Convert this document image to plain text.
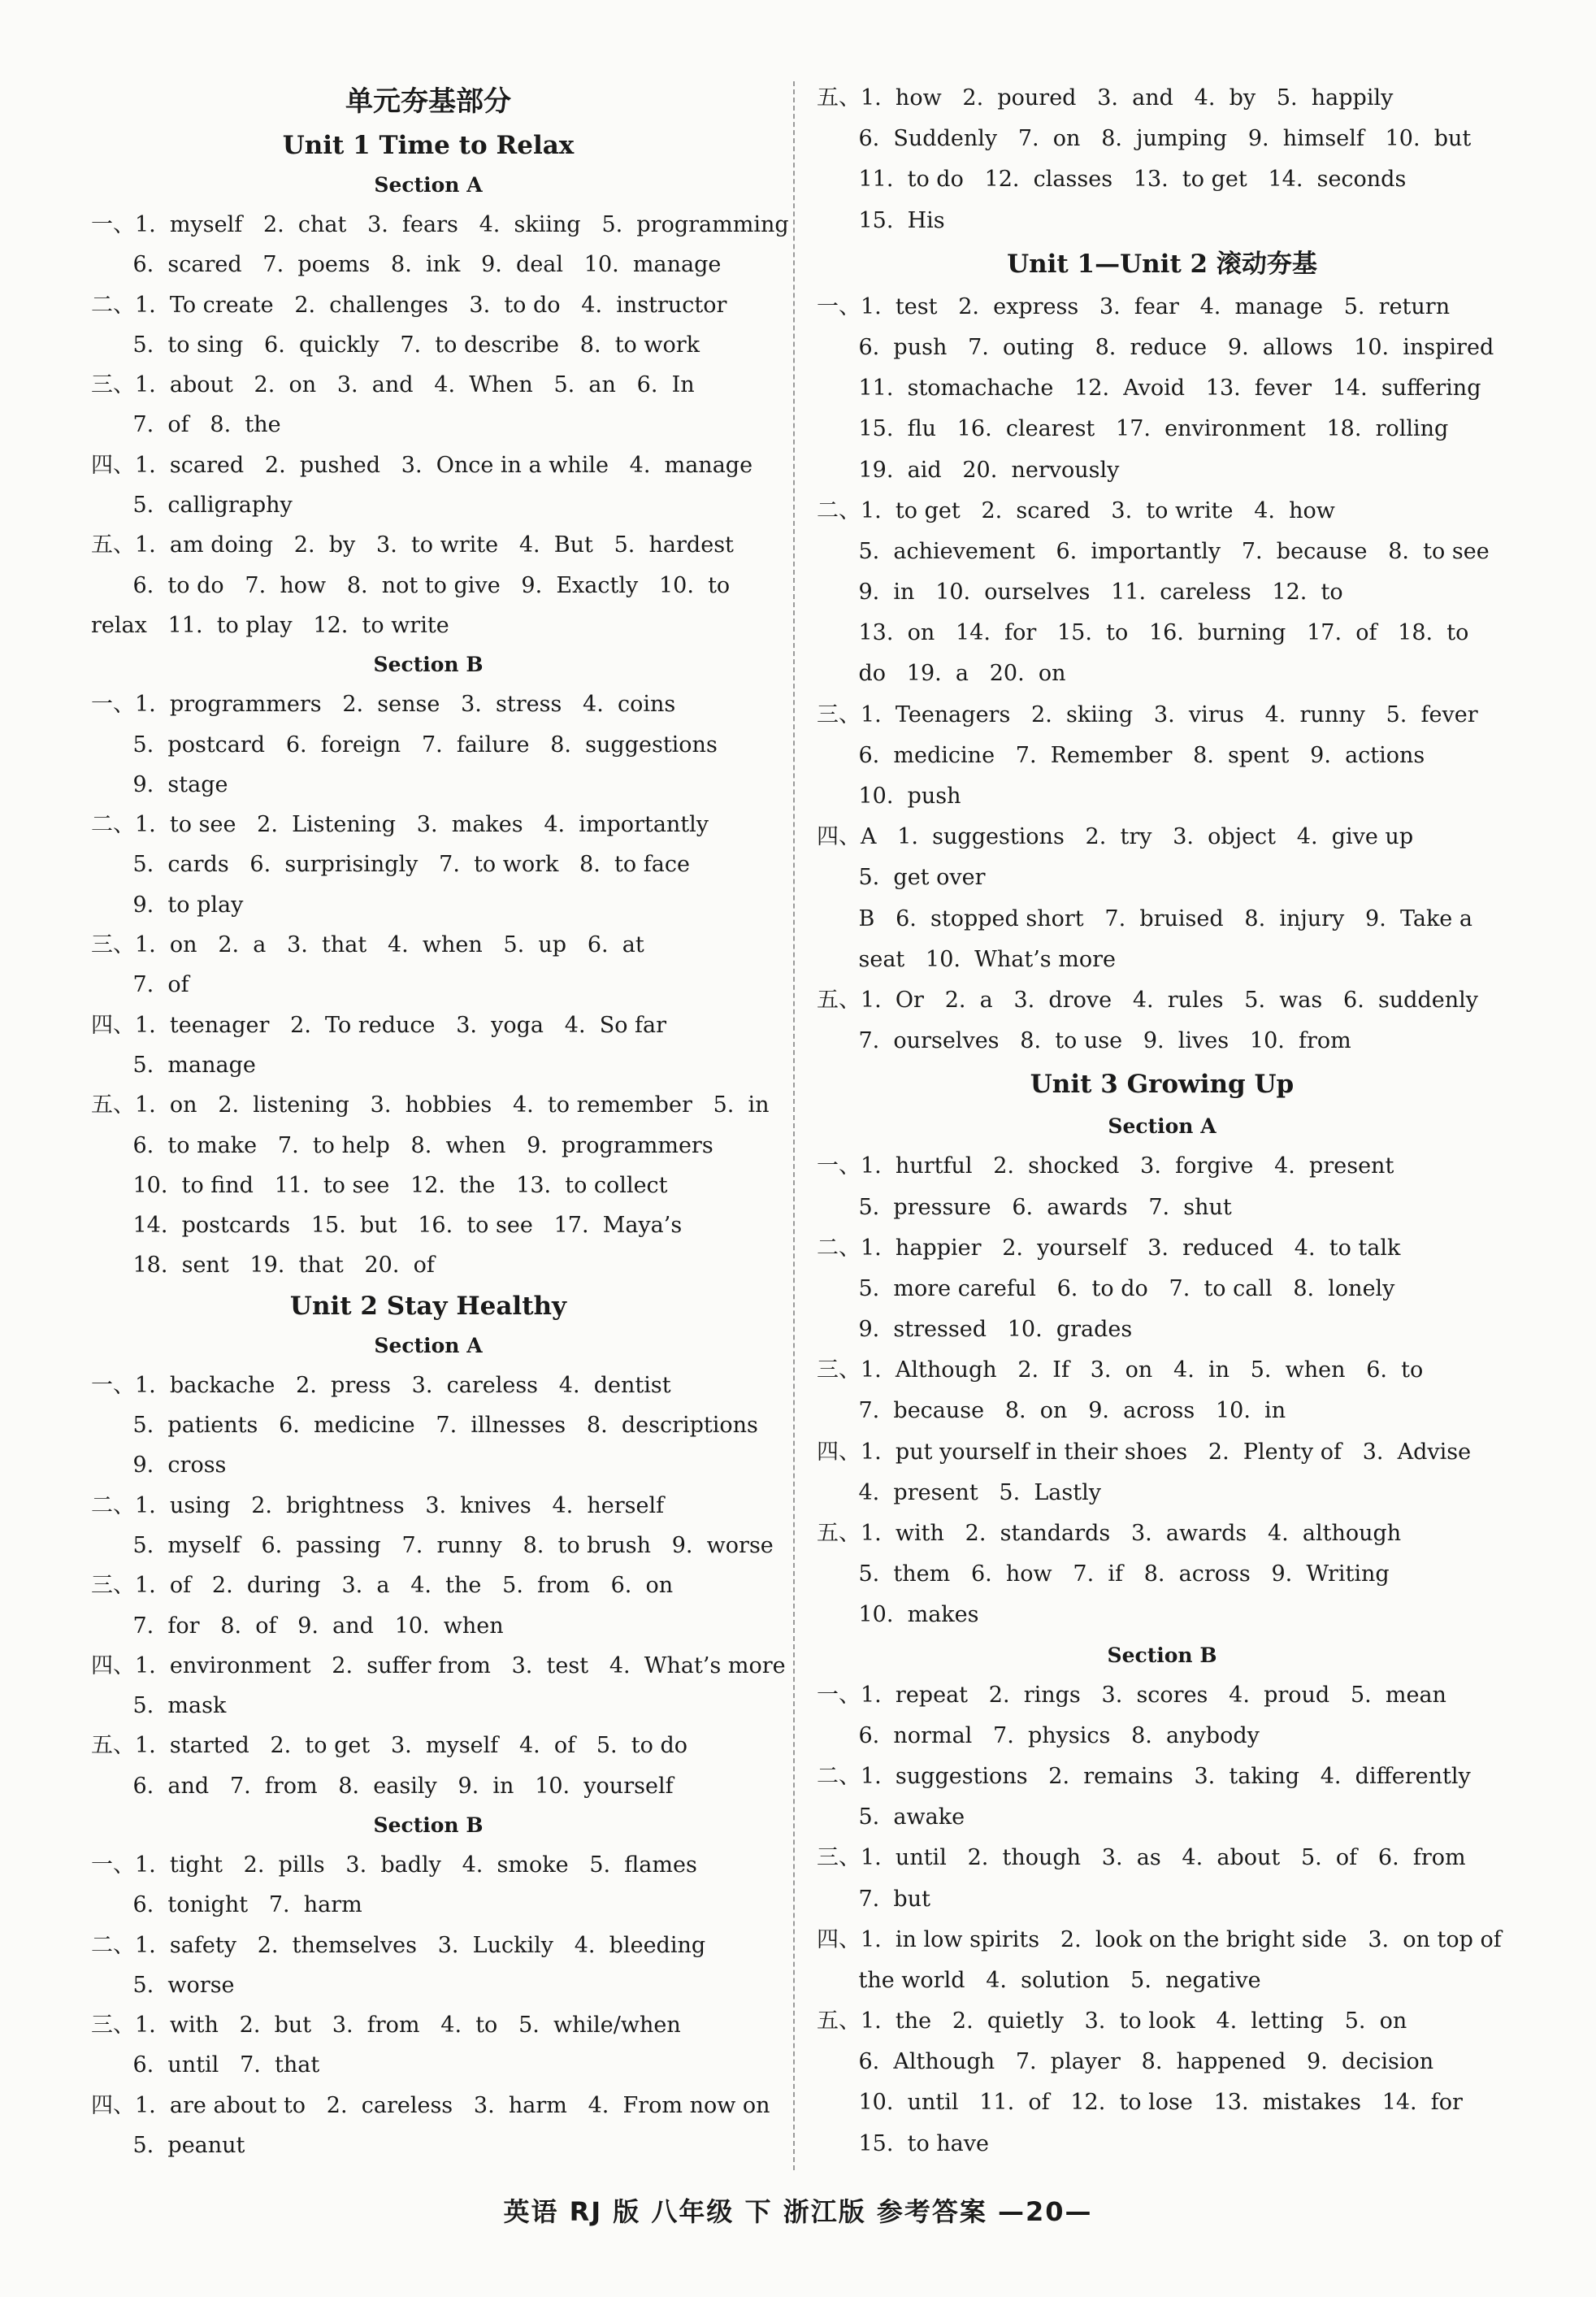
单元夯基部分
Unit 1 Time to Relax
Section A
一、1.  myself   2.  chat   3.  fears   4.  skiing   5.  programming
6.  scared   7.  poems   8.  ink   9.  deal   10.  manage
二、1.  To create   2.  challenges   3.  to do   4.  instructor
5.  to sing   6.  quickly   7.  to describe   8.  to work
三、1.  about   2.  on   3.  and   4.  When   5.  an   6.  In
7.  of   8.  the
四、1.  scared   2.  pushed   3.  Once in a while   4.  manage
5.  calligraphy
五、1.  am doing   2.  by   3.  to write   4.  But   5.  hardest
6.  to do   7.  how   8.  not to give   9.  Exactly   10.  to
relax   11.  to play   12.  to write
Section B
一、1.  programmers   2.  sense   3.  stress   4.  coins
5.  postcard   6.  foreign   7.  failure   8.  suggestions
9.  stage
二、1.  to see   2.  Listening   3.  makes   4.  importantly
5.  cards   6.  surprisingly   7.  to work   8.  to face
9.  to play
三、1.  on   2.  a   3.  that   4.  when   5.  up   6.  at
7.  of
四、1.  teenager   2.  To reduce   3.  yoga   4.  So far
5.  manage
五、1.  on   2.  listening   3.  hobbies   4.  to remember   5.  in
6.  to make   7.  to help   8.  when   9.  programmers
10.  to find   11.  to see   12.  the   13.  to collect
14.  postcards   15.  but   16.  to see   17.  Maya’s
18.  sent   19.  that   20.  of
Unit 2 Stay Healthy
Section A
一、1.  backache   2.  press   3.  careless   4.  dentist
5.  patients   6.  medicine   7.  illnesses   8.  descriptions
9.  cross
二、1.  using   2.  brightness   3.  knives   4.  herself
5.  myself   6.  passing   7.  runny   8.  to brush   9.  worse
三、1.  of   2.  during   3.  a   4.  the   5.  from   6.  on
7.  for   8.  of   9.  and   10.  when
四、1.  environment   2.  suffer from   3.  test   4.  What’s more
5.  mask
五、1.  started   2.  to get   3.  myself   4.  of   5.  to do
6.  and   7.  from   8.  easily   9.  in   10.  yourself
Section B
一、1.  tight   2.  pills   3.  badly   4.  smoke   5.  flames
6.  tonight   7.  harm
二、1.  safety   2.  themselves   3.  Luckily   4.  bleeding
5.  worse
三、1.  with   2.  but   3.  from   4.  to   5.  while/when
6.  until   7.  that
四、1.  are about to   2.  careless   3.  harm   4.  From now on
5.  peanut
五、1.  how   2.  poured   3.  and   4.  by   5.  happily
6.  Suddenly   7.  on   8.  jumping   9.  himself   10.  but
11.  to do   12.  classes   13.  to get   14.  seconds
15.  His
Unit 1—Unit 2 滚动夯基
一、1.  test   2.  express   3.  fear   4.  manage   5.  return
6.  push   7.  outing   8.  reduce   9.  allows   10.  inspired
11.  stomachache   12.  Avoid   13.  fever   14.  suffering
15.  flu   16.  clearest   17.  environment   18.  rolling
19.  aid   20.  nervously
二、1.  to get   2.  scared   3.  to write   4.  how
5.  achievement   6.  importantly   7.  because   8.  to see
9.  in   10.  ourselves   11.  careless   12.  to
13.  on   14.  for   15.  to   16.  burning   17.  of   18.  to
do   19.  a   20.  on
三、1.  Teenagers   2.  skiing   3.  virus   4.  runny   5.  fever
6.  medicine   7.  Remember   8.  spent   9.  actions
10.  push
四、A   1.  suggestions   2.  try   3.  object   4.  give up
5.  get over
B   6.  stopped short   7.  bruised   8.  injury   9.  Take a
seat   10.  What’s more
五、1.  Or   2.  a   3.  drove   4.  rules   5.  was   6.  suddenly
7.  ourselves   8.  to use   9.  lives   10.  from
Unit 3 Growing Up
Section A
一、1.  hurtful   2.  shocked   3.  forgive   4.  present
5.  pressure   6.  awards   7.  shut
二、1.  happier   2.  yourself   3.  reduced   4.  to talk
5.  more careful   6.  to do   7.  to call   8.  lonely
9.  stressed   10.  grades
三、1.  Although   2.  If   3.  on   4.  in   5.  when   6.  to
7.  because   8.  on   9.  across   10.  in
四、1.  put yourself in their shoes   2.  Plenty of   3.  Advise
4.  present   5.  Lastly
五、1.  with   2.  standards   3.  awards   4.  although
5.  them   6.  how   7.  if   8.  across   9.  Writing
10.  makes
Section B
一、1.  repeat   2.  rings   3.  scores   4.  proud   5.  mean
6.  normal   7.  physics   8.  anybody
二、1.  suggestions   2.  remains   3.  taking   4.  differently
5.  awake
三、1.  until   2.  though   3.  as   4.  about   5.  of   6.  from
7.  but
四、1.  in low spirits   2.  look on the bright side   3.  on top of
the world   4.  solution   5.  negative
五、1.  the   2.  quietly   3.  to look   4.  letting   5.  on
6.  Although   7.  player   8.  happened   9.  decision
10.  until   11.  of   12.  to lose   13.  mistakes   14.  for
15.  to have
英语 RJ 版 八年级 下 浙江版 参考答案 —20—
